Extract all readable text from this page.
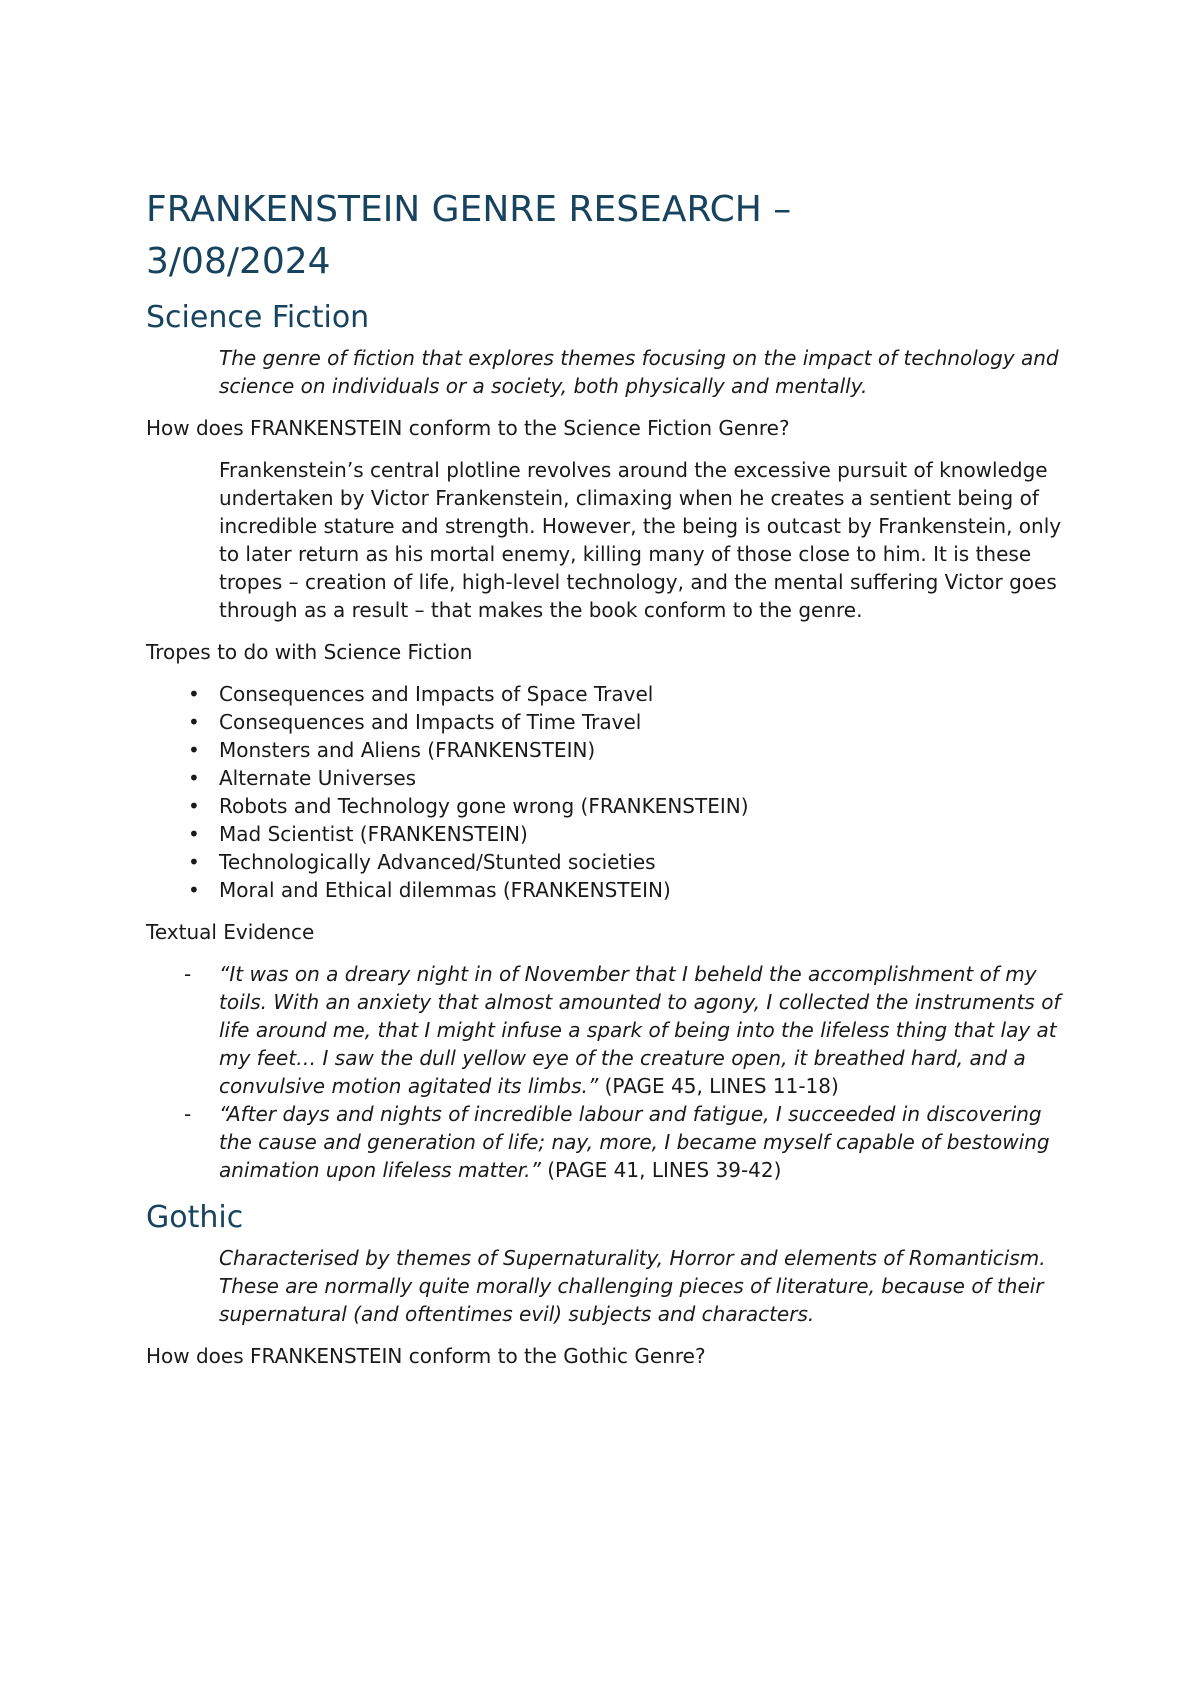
FRANKENSTEIN GENRE RESEARCH – 3/08/2024
Science Fiction

The genre of fiction that explores themes focusing on the impact of technology and science on individuals or a society, both physically and mentally.

How does FRANKENSTEIN conform to the Science Fiction Genre?

Frankenstein’s central plotline revolves around the excessive pursuit of knowledge undertaken by Victor Frankenstein, climaxing when he creates a sentient being of incredible stature and strength. However, the being is outcast by Frankenstein, only to later return as his mortal enemy, killing many of those close to him. It is these tropes – creation of life, high-level technology, and the mental suffering Victor goes through as a result – that makes the book conform to the genre.

Tropes to do with Science Fiction

• Consequences and Impacts of Space Travel
• Consequences and Impacts of Time Travel
• Monsters and Aliens (FRANKENSTEIN)
• Alternate Universes
• Robots and Technology gone wrong (FRANKENSTEIN)
• Mad Scientist (FRANKENSTEIN)
• Technologically Advanced/Stunted societies
• Moral and Ethical dilemmas (FRANKENSTEIN)

Textual Evidence

- “It was on a dreary night in of November that I beheld the accomplishment of my toils. With an anxiety that almost amounted to agony, I collected the instruments of life around me, that I might infuse a spark of being into the lifeless thing that lay at my feet… I saw the dull yellow eye of the creature open, it breathed hard, and a convulsive motion agitated its limbs.” (PAGE 45, LINES 11-18)
- “After days and nights of incredible labour and fatigue, I succeeded in discovering the cause and generation of life; nay, more, I became myself capable of bestowing animation upon lifeless matter.” (PAGE 41, LINES 39-42)
Gothic

Characterised by themes of Supernaturality, Horror and elements of Romanticism. These are normally quite morally challenging pieces of literature, because of their supernatural (and oftentimes evil) subjects and characters.

How does FRANKENSTEIN conform to the Gothic Genre?
